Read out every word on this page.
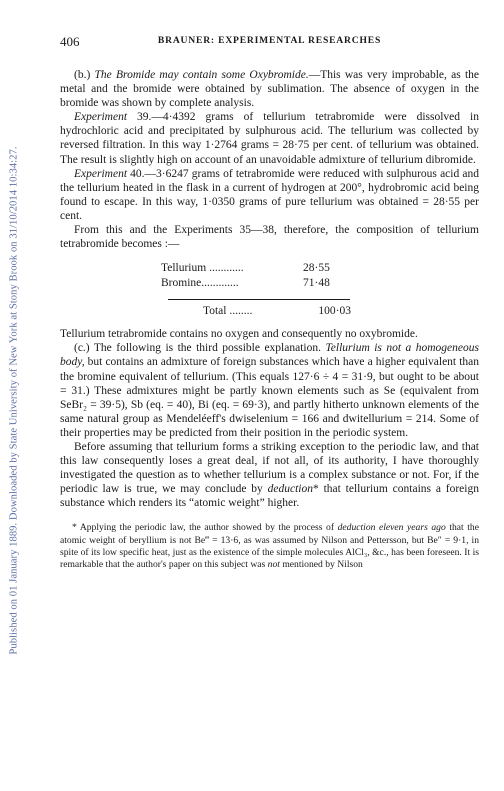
Published on 01 January 1889. Downloaded by State University of New York at Stony Brook on 31/10/2014 10:34:27.
406	BRAUNER: EXPERIMENTAL RESEARCHES

(b.) The Bromide may contain some Oxybromide.—This was very improbable, as the metal and the bromide were obtained by sublimation. The absence of oxygen in the bromide was shown by complete analysis.

Experiment 39.—4·4392 grams of tellurium tetrabromide were dissolved in hydrochloric acid and precipitated by sulphurous acid. The tellurium was collected by reversed filtration. In this way 1·2764 grams = 28·75 per cent. of tellurium was obtained. The result is slightly high on account of an unavoidable admixture of tellurium dibromide.

Experiment 40.—3·6247 grams of tetrabromide were reduced with sulphurous acid and the tellurium heated in the flask in a current of hydrogen at 200°, hydrobromic acid being found to escape. In this way, 1·0350 grams of pure tellurium was obtained = 28·55 per cent.

From this and the Experiments 35—38, therefore, the composition of tellurium tetrabromide becomes :—

Tellurium ............	28·55
Bromine.............	71·48
Total ........	100·03

Tellurium tetrabromide contains no oxygen and consequently no oxybromide.

(c.) The following is the third possible explanation. Tellurium is not a homogeneous body, but contains an admixture of foreign substances which have a higher equivalent than the bromine equivalent of tellurium. (This equals 127·6 ÷ 4 = 31·9, but ought to be about = 31.) These admixtures might be partly known elements such as Se (equivalent from SeBr₂ = 39·5), Sb (eq. = 40), Bi (eq. = 69·3), and partly hitherto unknown elements of the same natural group as Mendeléeff's dwiselenium = 166 and dwitellurium = 214. Some of their properties may be predicted from their position in the periodic system.

Before assuming that tellurium forms a striking exception to the periodic law, and that this law consequently loses a great deal, if not all, of its authority, I have thoroughly investigated the question as to whether tellurium is a complex substance or not. For, if the periodic law is true, we may conclude by deduction* that tellurium contains a foreign substance which renders its “atomic weight” higher.

* Applying the periodic law, the author showed by the process of deduction eleven years ago that the atomic weight of beryllium is not Be‴ = 13·6, as was assumed by Nilson and Pettersson, but Be″ = 9·1, in spite of its low specific heat, just as the existence of the simple molecules AlCl₃, &c., has been foreseen. It is remarkable that the author's paper on this subject was not mentioned by Nilson
